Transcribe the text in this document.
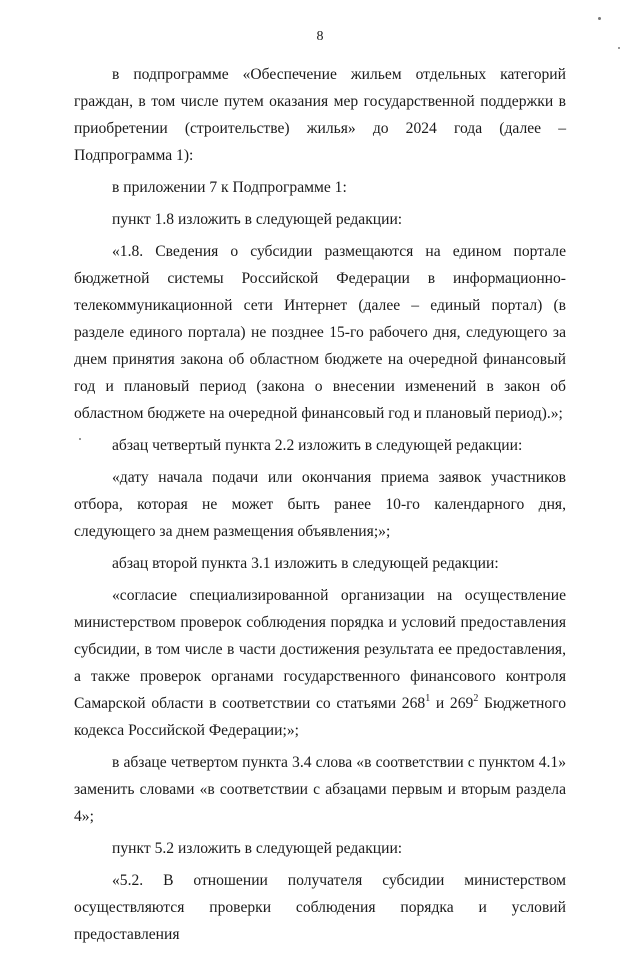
8

в подпрограмме «Обеспечение жильем отдельных категорий граждан, в том числе путем оказания мер государственной поддержки в приобретении (строительстве) жилья» до 2024 года (далее – Подпрограмма 1):

в приложении 7 к Подпрограмме 1:

пункт 1.8 изложить в следующей редакции:

«1.8. Сведения о субсидии размещаются на едином портале бюджетной системы Российской Федерации в информационно-телекоммуникационной сети Интернет (далее – единый портал) (в разделе единого портала) не позднее 15-го рабочего дня, следующего за днем принятия закона об областном бюджете на очередной финансовый год и плановый период (закона о внесении изменений в закон об областном бюджете на очередной финансовый год и плановый период).»;

абзац четвертый пункта 2.2 изложить в следующей редакции:

«дату начала подачи или окончания приема заявок участников отбора, которая не может быть ранее 10-го календарного дня, следующего за днем размещения объявления;»;

абзац второй пункта 3.1 изложить в следующей редакции:

«согласие специализированной организации на осуществление министерством проверок соблюдения порядка и условий предоставления субсидии, в том числе в части достижения результата ее предоставления, а также проверок органами государственного финансового контроля Самарской области в соответствии со статьями $268^1$ и $269^2$ Бюджетного кодекса Российской Федерации;»;

в абзаце четвертом пункта 3.4 слова «в соответствии с пунктом 4.1» заменить словами «в соответствии с абзацами первым и вторым раздела 4»;

пункт 5.2 изложить в следующей редакции:

«5.2. В отношении получателя субсидии министерством осуществляются проверки соблюдения порядка и условий предоставления
